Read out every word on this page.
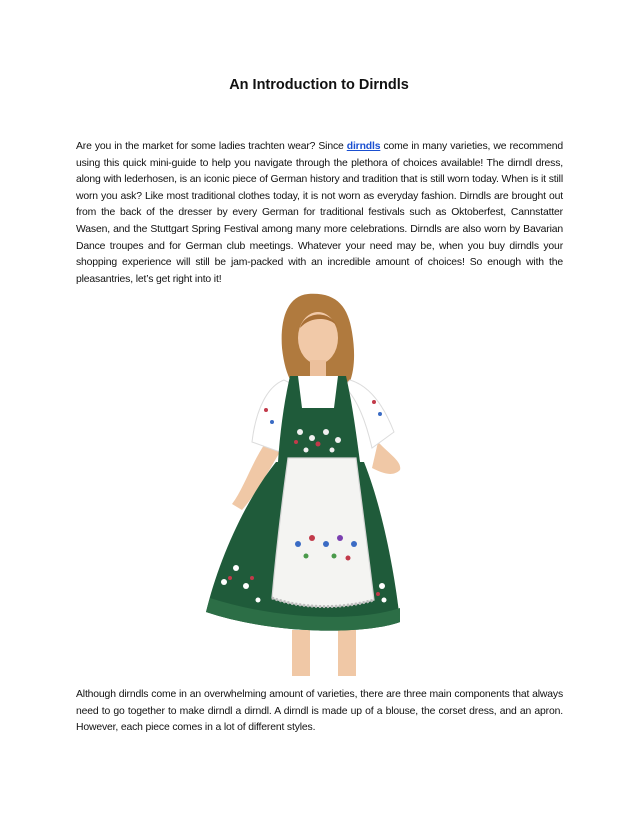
An Introduction to Dirndls

Are you in the market for some ladies trachten wear? Since dirndls come in many varieties, we recommend using this quick mini-guide to help you navigate through the plethora of choices available! The dirndl dress, along with lederhosen, is an iconic piece of German history and tradition that is still worn today. When is it still worn you ask? Like most traditional clothes today, it is not worn as everyday fashion. Dirndls are brought out from the back of the dresser by every German for traditional festivals such as Oktoberfest, Cannstatter Wasen, and the Stuttgart Spring Festival among many more celebrations. Dirndls are also worn by Bavarian Dance troupes and for German club meetings. Whatever your need may be, when you buy dirndls your shopping experience will still be jam-packed with an incredible amount of choices! So enough with the pleasantries, let’s get right into it!

Although dirndls come in an overwhelming amount of varieties, there are three main components that always need to go together to make dirndl a dirndl. A dirndl is made up of a blouse, the corset dress, and an apron. However, each piece comes in a lot of different styles.
